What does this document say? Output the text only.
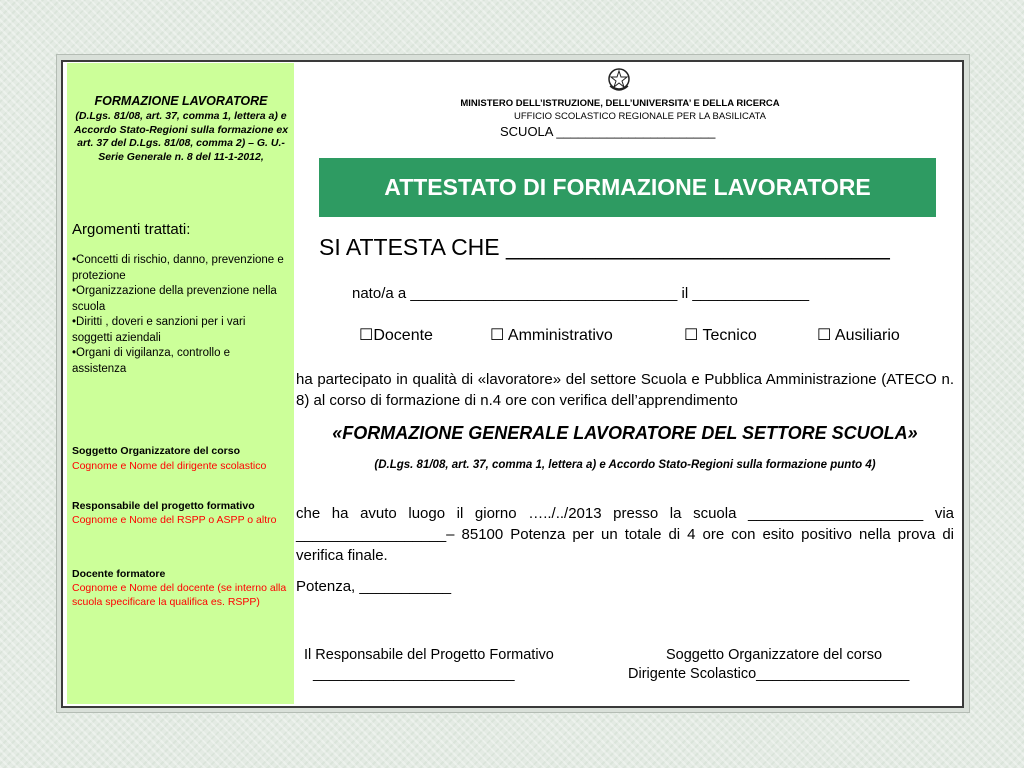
FORMAZIONE LAVORATORE
(D.Lgs. 81/08, art. 37, comma 1, lettera a) e Accordo Stato-Regioni sulla formazione ex art. 37 del D.Lgs. 81/08, comma 2) – G. U.- Serie Generale n. 8 del 11-1-2012,
Argomenti trattati:
•Concetti di rischio, danno, prevenzione e protezione
•Organizzazione della prevenzione nella scuola
•Diritti , doveri e sanzioni per i vari soggetti aziendali
•Organi di vigilanza, controllo e assistenza
Soggetto Organizzatore del corso
Cognome e Nome del dirigente scolastico
Responsabile del progetto formativo
Cognome e Nome del RSPP o ASPP o altro
Docente formatore
Cognome e Nome del docente (se interno alla scuola specificare la qualifica es. RSPP)
MINISTERO DELL’ISTRUZIONE, DELL’UNIVERSITA’ E DELLA RICERCA
UFFICIO SCOLASTICO REGIONALE PER LA BASILICATA
SCUOLA ______________________
ATTESTATO DI FORMAZIONE LAVORATORE
SI ATTESTA CHE ______________________________
nato/a a ________________________________ il ______________
☐Docente	☐ Amministrativo	☐ Tecnico	☐ Ausiliario
ha partecipato in qualità di «lavoratore» del settore Scuola e Pubblica Amministrazione (ATECO n. 8) al corso di formazione di n.4 ore con verifica dell’apprendimento
«FORMAZIONE GENERALE LAVORATORE DEL SETTORE SCUOLA»
(D.Lgs. 81/08, art. 37, comma 1, lettera a) e Accordo Stato-Regioni sulla formazione punto 4)
che ha avuto luogo il giorno …../../2013 presso la scuola _____________________ via __________________– 85100 Potenza per un totale di 4 ore con esito positivo nella prova di verifica finale.
Potenza, ___________
Il Responsabile del Progetto Formativo
_________________________
Soggetto Organizzatore del corso
Dirigente Scolastico___________________
